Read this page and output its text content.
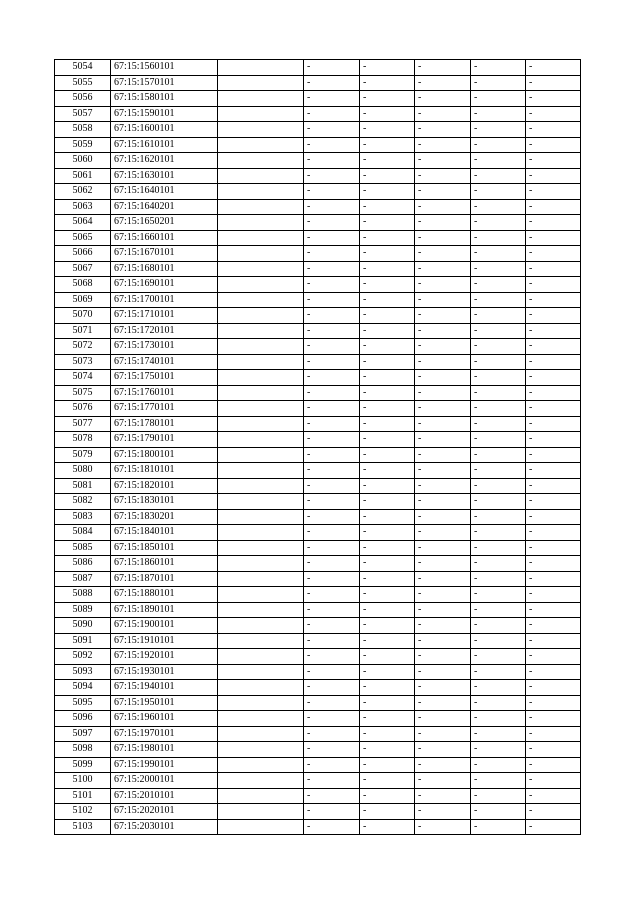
5054	67:15:1560101		-	-	-	-	-
5055	67:15:1570101		-	-	-	-	-
5056	67:15:1580101		-	-	-	-	-
5057	67:15:1590101		-	-	-	-	-
5058	67:15:1600101		-	-	-	-	-
5059	67:15:1610101		-	-	-	-	-
5060	67:15:1620101		-	-	-	-	-
5061	67:15:1630101		-	-	-	-	-
5062	67:15:1640101		-	-	-	-	-
5063	67:15:1640201		-	-	-	-	-
5064	67:15:1650201		-	-	-	-	-
5065	67:15:1660101		-	-	-	-	-
5066	67:15:1670101		-	-	-	-	-
5067	67:15:1680101		-	-	-	-	-
5068	67:15:1690101		-	-	-	-	-
5069	67:15:1700101		-	-	-	-	-
5070	67:15:1710101		-	-	-	-	-
5071	67:15:1720101		-	-	-	-	-
5072	67:15:1730101		-	-	-	-	-
5073	67:15:1740101		-	-	-	-	-
5074	67:15:1750101		-	-	-	-	-
5075	67:15:1760101		-	-	-	-	-
5076	67:15:1770101		-	-	-	-	-
5077	67:15:1780101		-	-	-	-	-
5078	67:15:1790101		-	-	-	-	-
5079	67:15:1800101		-	-	-	-	-
5080	67:15:1810101		-	-	-	-	-
5081	67:15:1820101		-	-	-	-	-
5082	67:15:1830101		-	-	-	-	-
5083	67:15:1830201		-	-	-	-	-
5084	67:15:1840101		-	-	-	-	-
5085	67:15:1850101		-	-	-	-	-
5086	67:15:1860101		-	-	-	-	-
5087	67:15:1870101		-	-	-	-	-
5088	67:15:1880101		-	-	-	-	-
5089	67:15:1890101		-	-	-	-	-
5090	67:15:1900101		-	-	-	-	-
5091	67:15:1910101		-	-	-	-	-
5092	67:15:1920101		-	-	-	-	-
5093	67:15:1930101		-	-	-	-	-
5094	67:15:1940101		-	-	-	-	-
5095	67:15:1950101		-	-	-	-	-
5096	67:15:1960101		-	-	-	-	-
5097	67:15:1970101		-	-	-	-	-
5098	67:15:1980101		-	-	-	-	-
5099	67:15:1990101		-	-	-	-	-
5100	67:15:2000101		-	-	-	-	-
5101	67:15:2010101		-	-	-	-	-
5102	67:15:2020101		-	-	-	-	-
5103	67:15:2030101		-	-	-	-	-
